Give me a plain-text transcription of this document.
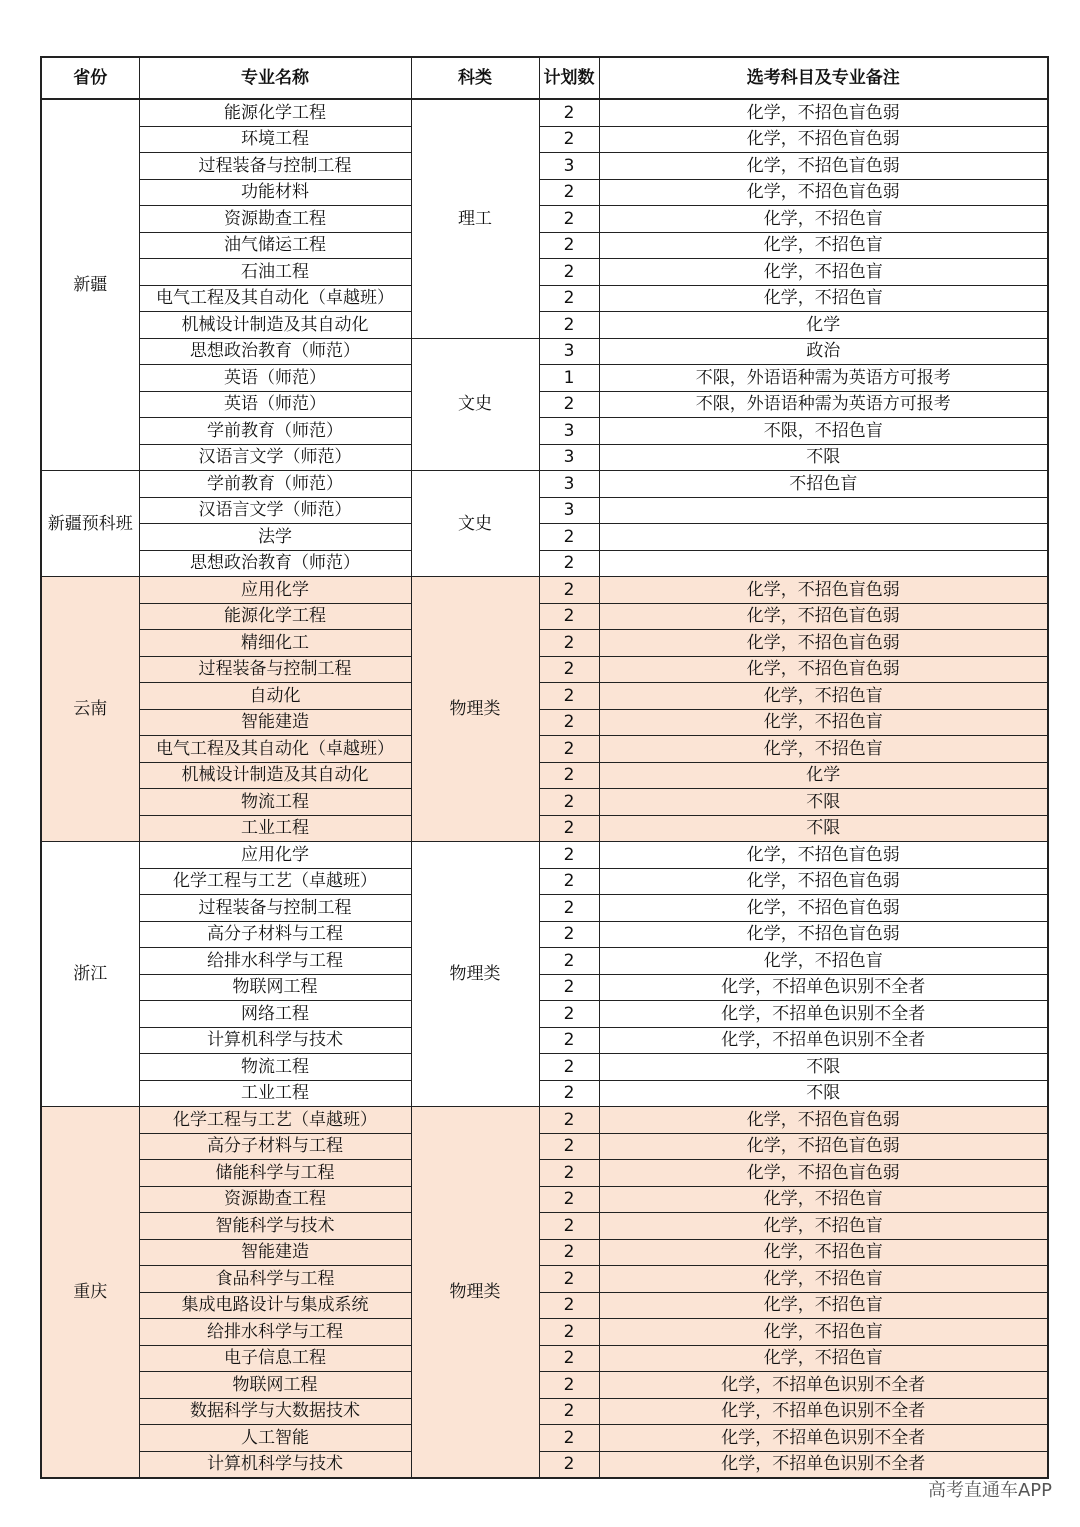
省份	专业名称	科类	计划数	选考科目及专业备注
新疆	能源化学工程	理工	2	化学，不招色盲色弱
	环境工程		2	化学，不招色盲色弱
	过程装备与控制工程		3	化学，不招色盲色弱
	功能材料		2	化学，不招色盲色弱
	资源勘查工程		2	化学，不招色盲
	油气储运工程		2	化学，不招色盲
	石油工程		2	化学，不招色盲
	电气工程及其自动化（卓越班）		2	化学，不招色盲
	机械设计制造及其自动化		2	化学
	思想政治教育（师范）	文史	3	政治
	英语（师范）		1	不限，外语语种需为英语方可报考
	英语（师范）		2	不限，外语语种需为英语方可报考
	学前教育（师范）		3	不限，不招色盲
	汉语言文学（师范）		3	不限
新疆预科班	学前教育（师范）	文史	3	不招色盲
	汉语言文学（师范）		3	
	法学		2	
	思想政治教育（师范）		2	
云南	应用化学	物理类	2	化学，不招色盲色弱
	能源化学工程		2	化学，不招色盲色弱
	精细化工		2	化学，不招色盲色弱
	过程装备与控制工程		2	化学，不招色盲色弱
	自动化		2	化学，不招色盲
	智能建造		2	化学，不招色盲
	电气工程及其自动化（卓越班）		2	化学，不招色盲
	机械设计制造及其自动化		2	化学
	物流工程		2	不限
	工业工程		2	不限
浙江	应用化学	物理类	2	化学，不招色盲色弱
	化学工程与工艺（卓越班）		2	化学，不招色盲色弱
	过程装备与控制工程		2	化学，不招色盲色弱
	高分子材料与工程		2	化学，不招色盲色弱
	给排水科学与工程		2	化学，不招色盲
	物联网工程		2	化学，不招单色识别不全者
	网络工程		2	化学，不招单色识别不全者
	计算机科学与技术		2	化学，不招单色识别不全者
	物流工程		2	不限
	工业工程		2	不限
重庆	化学工程与工艺（卓越班）	物理类	2	化学，不招色盲色弱
	高分子材料与工程		2	化学，不招色盲色弱
	储能科学与工程		2	化学，不招色盲色弱
	资源勘查工程		2	化学，不招色盲
	智能科学与技术		2	化学，不招色盲
	智能建造		2	化学，不招色盲
	食品科学与工程		2	化学，不招色盲
	集成电路设计与集成系统		2	化学，不招色盲
	给排水科学与工程		2	化学，不招色盲
	电子信息工程		2	化学，不招色盲
	物联网工程		2	化学，不招单色识别不全者
	数据科学与大数据技术		2	化学，不招单色识别不全者
	人工智能		2	化学，不招单色识别不全者
	计算机科学与技术		2	化学，不招单色识别不全者
高考直通车APP
